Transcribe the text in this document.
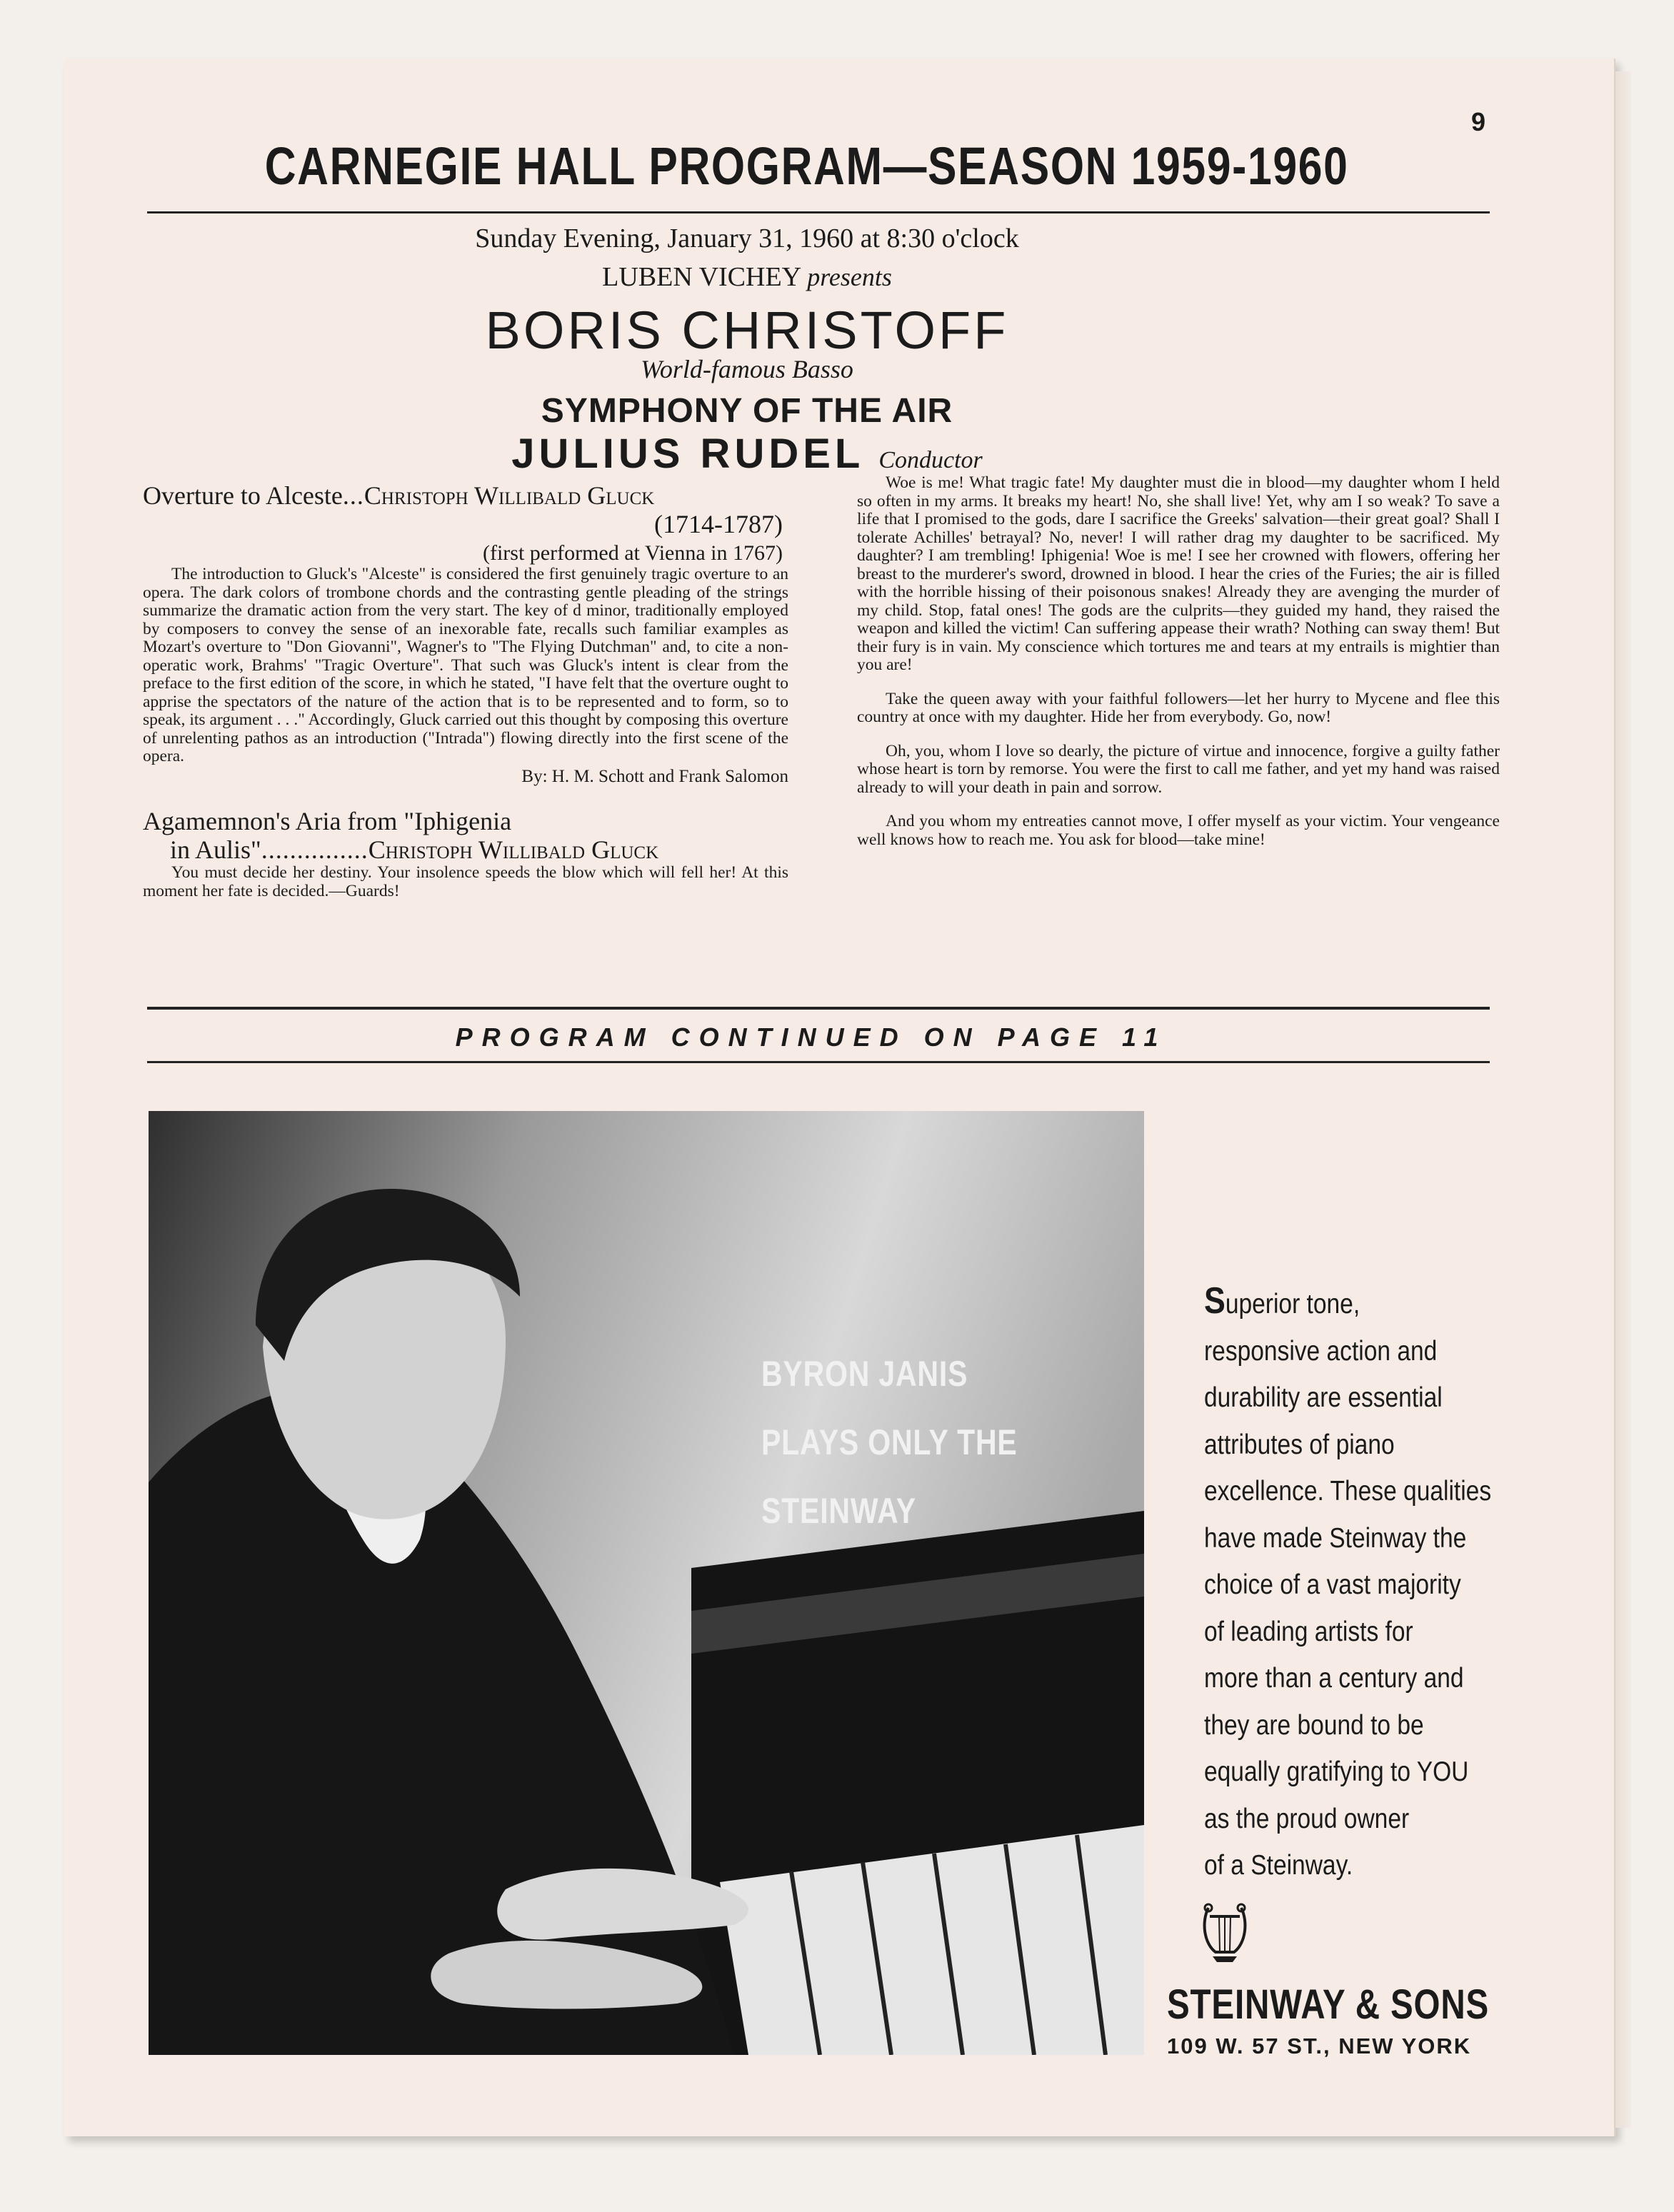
9
CARNEGIE HALL PROGRAM—SEASON 1959-1960
Sunday Evening, January 31, 1960 at 8:30 o'clock
LUBEN VICHEY presents
BORIS CHRISTOFF
World-famous Basso
SYMPHONY OF THE AIR
JULIUS RUDEL Conductor
Overture to Alceste...Christoph Willibald Gluck
(1714-1787)
(first performed at Vienna in 1767)
The introduction to Gluck's "Alceste" is considered the first genuinely tragic overture to an opera. The dark colors of trombone chords and the contrasting gentle pleading of the strings summarize the dramatic action from the very start. The key of d minor, traditionally employed by composers to convey the sense of an inexorable fate, recalls such familiar examples as Mozart's overture to "Don Giovanni", Wagner's to "The Flying Dutchman" and, to cite a non-operatic work, Brahms' "Tragic Overture". That such was Gluck's intent is clear from the preface to the first edition of the score, in which he stated, "I have felt that the overture ought to apprise the spectators of the nature of the action that is to be represented and to form, so to speak, its argument . . ." Accordingly, Gluck carried out this thought by composing this overture of unrelenting pathos as an introduction ("Intrada") flowing directly into the first scene of the opera.
By: H. M. Schott and Frank Salomon
Agamemnon's Aria from "Iphigenia
in Aulis"...............Christoph Willibald Gluck
You must decide her destiny. Your insolence speeds the blow which will fell her! At this moment her fate is decided.—Guards!
Woe is me! What tragic fate! My daughter must die in blood—my daughter whom I held so often in my arms. It breaks my heart! No, she shall live! Yet, why am I so weak? To save a life that I promised to the gods, dare I sacrifice the Greeks' salvation—their great goal? Shall I tolerate Achilles' betrayal? No, never! I will rather drag my daughter to be sacrificed. My daughter? I am trembling! Iphigenia! Woe is me! I see her crowned with flowers, offering her breast to the murderer's sword, drowned in blood. I hear the cries of the Furies; the air is filled with the horrible hissing of their poisonous snakes! Already they are avenging the murder of my child. Stop, fatal ones! The gods are the culprits—they guided my hand, they raised the weapon and killed the victim! Can suffering appease their wrath? Nothing can sway them! But their fury is in vain. My conscience which tortures me and tears at my entrails is mightier than you are!
Take the queen away with your faithful followers—let her hurry to Mycene and flee this country at once with my daughter. Hide her from everybody. Go, now!
Oh, you, whom I love so dearly, the picture of virtue and innocence, forgive a guilty father whose heart is torn by remorse. You were the first to call me father, and yet my hand was raised already to will your death in pain and sorrow.
And you whom my entreaties cannot move, I offer myself as your victim. Your vengeance well knows how to reach me. You ask for blood—take mine!
PROGRAM CONTINUED ON PAGE 11
BYRON JANIS
PLAYS ONLY THE
STEINWAY
Superior tone,
responsive action and
durability are essential
attributes of piano
excellence. These qualities
have made Steinway the
choice of a vast majority
of leading artists for
more than a century and
they are bound to be
equally gratifying to YOU
as the proud owner
of a Steinway.
STEINWAY & SONS
109 W. 57 ST., NEW YORK
